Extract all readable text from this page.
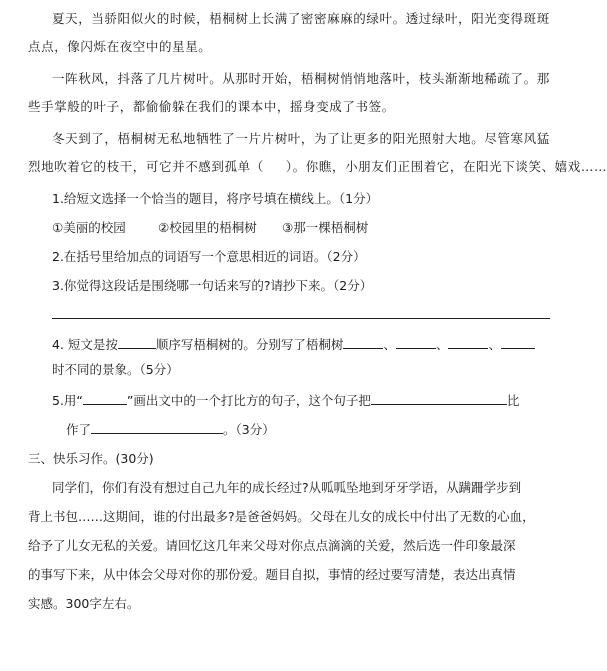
夏天，当骄阳似火的时候，梧桐树上长满了密密麻麻的绿叶。透过绿叶，阳光变得斑斑
点点，像闪烁在夜空中的星星。
一阵秋风，抖落了几片树叶。从那时开始，梧桐树悄悄地落叶，枝头渐渐地稀疏了。那
些手掌般的叶子，都偷偷躲在我们的课本中，摇身变成了书签。
冬天到了，梧桐树无私地牺牲了一片片树叶，为了让更多的阳光照射大地。尽管寒风猛
烈地吹着它的枝干，可它并不感到孤单（ ）。你瞧，小朋友们正围着它，在阳光下谈笑、嬉戏……
1.给短文选择一个恰当的题目，将序号填在横线上。（1分）
①美丽的校园	②校园里的梧桐树 ③那一棵梧桐树
2.在括号里给加点的词语写一个意思相近的词语。（2分）
3.你觉得这段话是围绕哪一句话来写的?请抄下来。（2分）
4. 短文是按	顺序写梧桐树的。分别写了梧桐树	、	、	、
时不同的景象。（5分）
5.用“	”画出文中的一个打比方的句子，这个句子把	比
作了	。（3分）
三、快乐习作。(30分)
同学们，你们有没有想过自己九年的成长经过?从呱呱坠地到牙牙学语，从蹒跚学步到
背上书包……这期间，谁的付出最多?是爸爸妈妈。父母在儿女的成长中付出了无数的心血，
给予了儿女无私的关爱。请回忆这几年来父母对你点点滴滴的关爱，然后选一件印象最深
的事写下来，从中体会父母对你的那份爱。题目自拟，事情的经过要写清楚，表达出真情
实感。300字左右。
